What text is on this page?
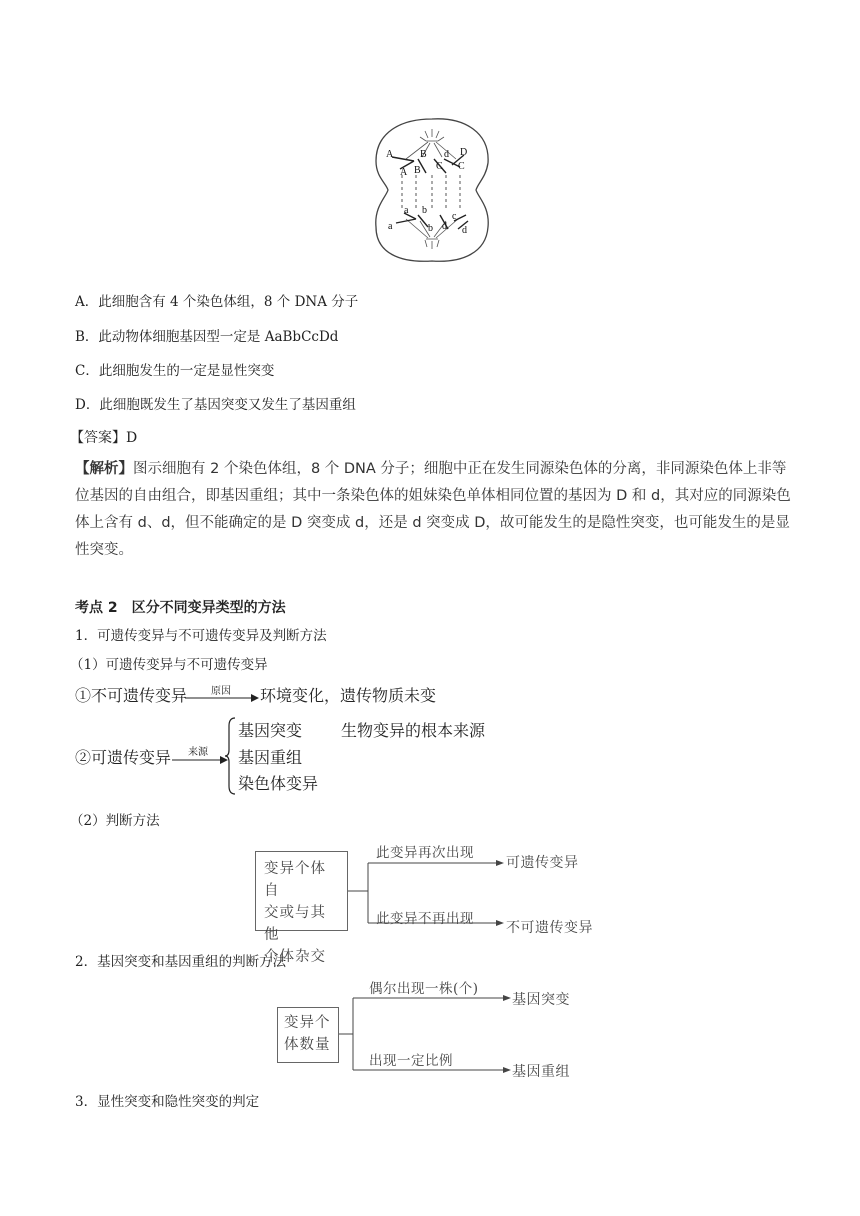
A	B d D
A B C C
a b
c
a	b d d
A．此细胞含有 4 个染色体组，8 个 DNA 分子
B．此动物体细胞基因型一定是 AaBbCcDd
C．此细胞发生的一定是显性突变
D．此细胞既发生了基因突变又发生了基因重组
【答案】D
【解析】图示细胞有 2 个染色体组，8 个 DNA 分子；细胞中正在发生同源染色体的分离，非同源染色体上非等位基因的自由组合，即基因重组；其中一条染色体的姐妹染色单体相同位置的基因为 D 和 d，其对应的同源染色体上含有 d、d，但不能确定的是 D 突变成 d，还是 d 突变成 D，故可能发生的是隐性突变，也可能发生的是显性突变。
考点 2　区分不同变异类型的方法
1．可遗传变异与不可遗传变异及判断方法
（1）可遗传变异与不可遗传变异
①不可遗传变异	原因	环境变化，遗传物质未变
②可遗传变异	来源
基因突变 生物变异的根本来源
基因重组
染色体变异
（2）判断方法
变异个体自
交或与其他
个体杂交
此变异再次出现
可遗传变异
此变异不再出现
不可遗传变异
2．基因突变和基因重组的判断方法
变异个
体数量
偶尔出现一株(个)
基因突变
出现一定比例
基因重组
3．显性突变和隐性突变的判定
